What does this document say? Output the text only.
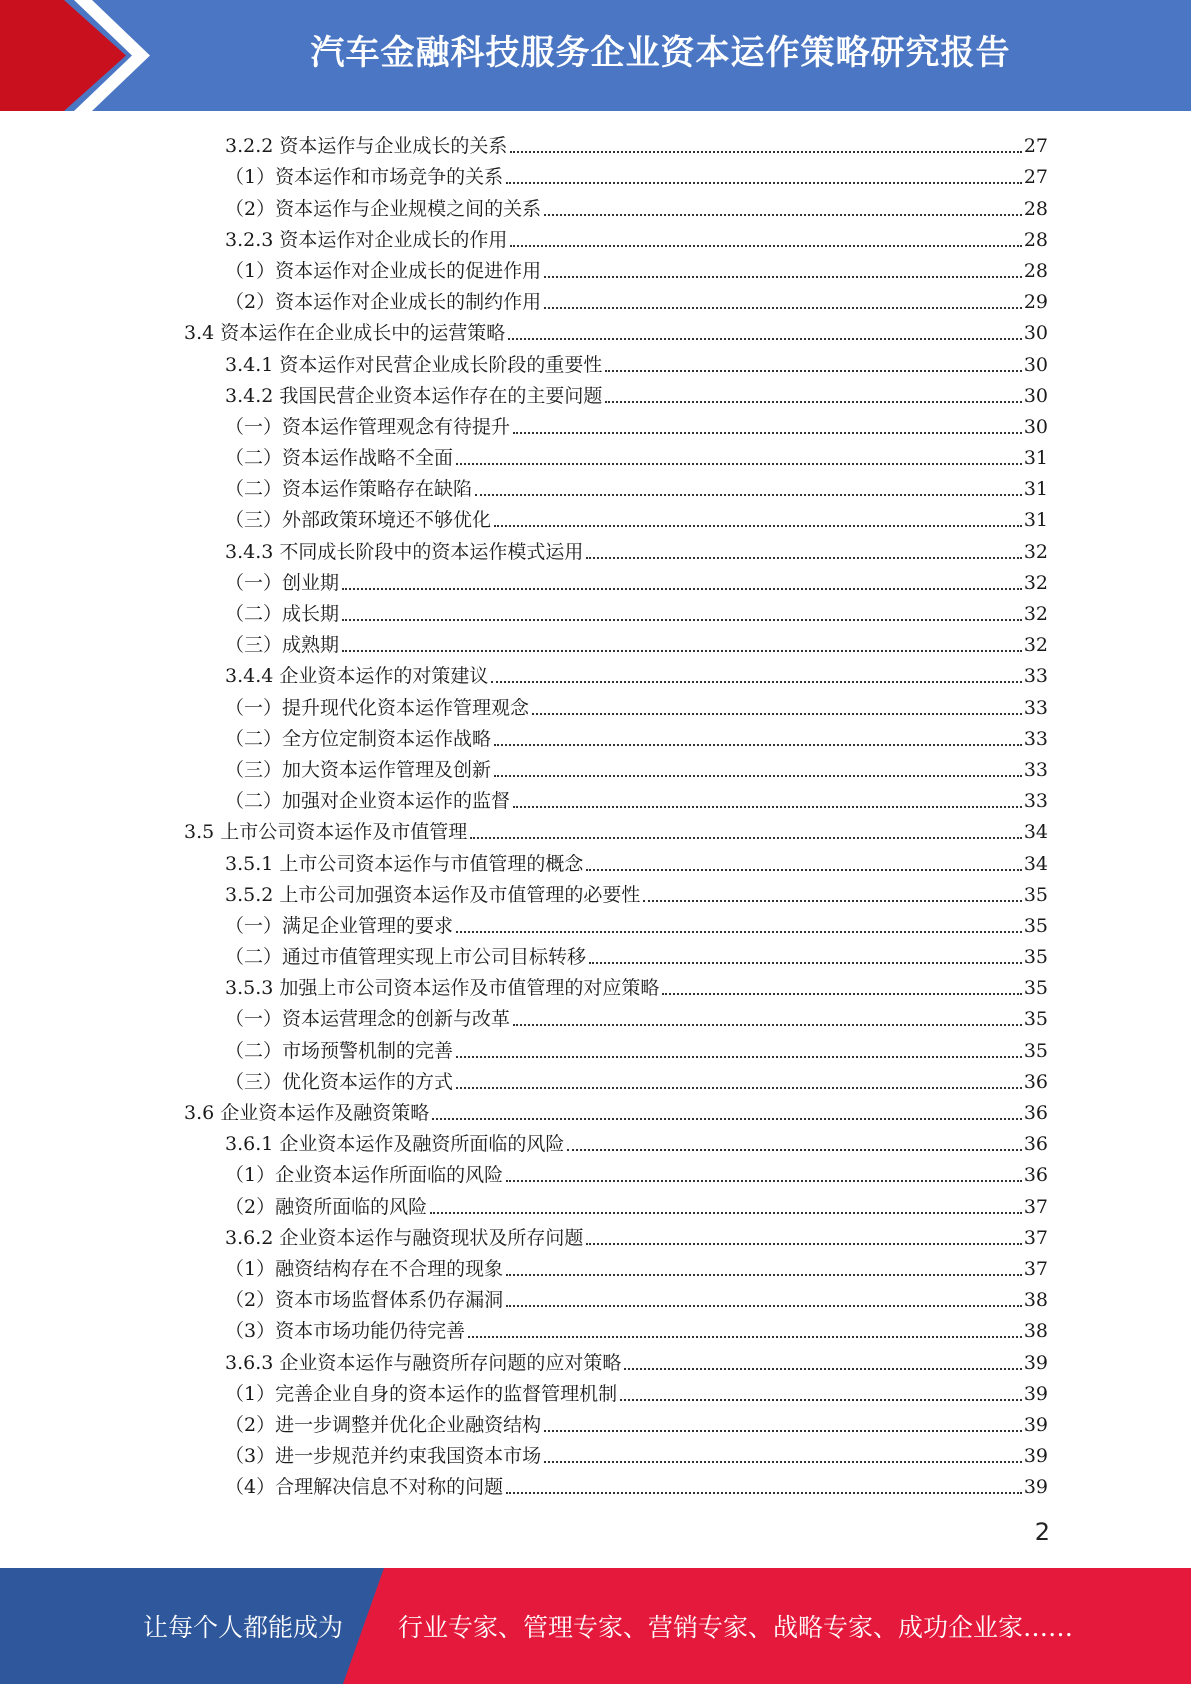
汽车金融科技服务企业资本运作策略研究报告
3.2.2 资本运作与企业成长的关系	27
（1）资本运作和市场竞争的关系	27
（2）资本运作与企业规模之间的关系	28
3.2.3 资本运作对企业成长的作用	28
（1）资本运作对企业成长的促进作用	28
（2）资本运作对企业成长的制约作用	29
3.4 资本运作在企业成长中的运营策略	30
3.4.1 资本运作对民营企业成长阶段的重要性	30
3.4.2 我国民营企业资本运作存在的主要问题	30
（一）资本运作管理观念有待提升	30
（二）资本运作战略不全面	31
（二）资本运作策略存在缺陷	31
（三）外部政策环境还不够优化	31
3.4.3 不同成长阶段中的资本运作模式运用	32
（一）创业期	32
（二）成长期	32
（三）成熟期	32
3.4.4 企业资本运作的对策建议	33
（一）提升现代化资本运作管理观念	33
（二）全方位定制资本运作战略	33
（三）加大资本运作管理及创新	33
（二）加强对企业资本运作的监督	33
3.5 上市公司资本运作及市值管理	34
3.5.1 上市公司资本运作与市值管理的概念	34
3.5.2 上市公司加强资本运作及市值管理的必要性	35
（一）满足企业管理的要求	35
（二）通过市值管理实现上市公司目标转移	35
3.5.3 加强上市公司资本运作及市值管理的对应策略	35
（一）资本运营理念的创新与改革	35
（二）市场预警机制的完善	35
（三）优化资本运作的方式	36
3.6 企业资本运作及融资策略	36
3.6.1 企业资本运作及融资所面临的风险	36
（1）企业资本运作所面临的风险	36
（2）融资所面临的风险	37
3.6.2 企业资本运作与融资现状及所存问题	37
（1）融资结构存在不合理的现象	37
（2）资本市场监督体系仍存漏洞	38
（3）资本市场功能仍待完善	38
3.6.3 企业资本运作与融资所存问题的应对策略	39
（1）完善企业自身的资本运作的监督管理机制	39
（2）进一步调整并优化企业融资结构	39
（3）进一步规范并约束我国资本市场	39
（4）合理解决信息不对称的问题	39
2
让每个人都能成为 行业专家、管理专家、营销专家、战略专家、成功企业家……
